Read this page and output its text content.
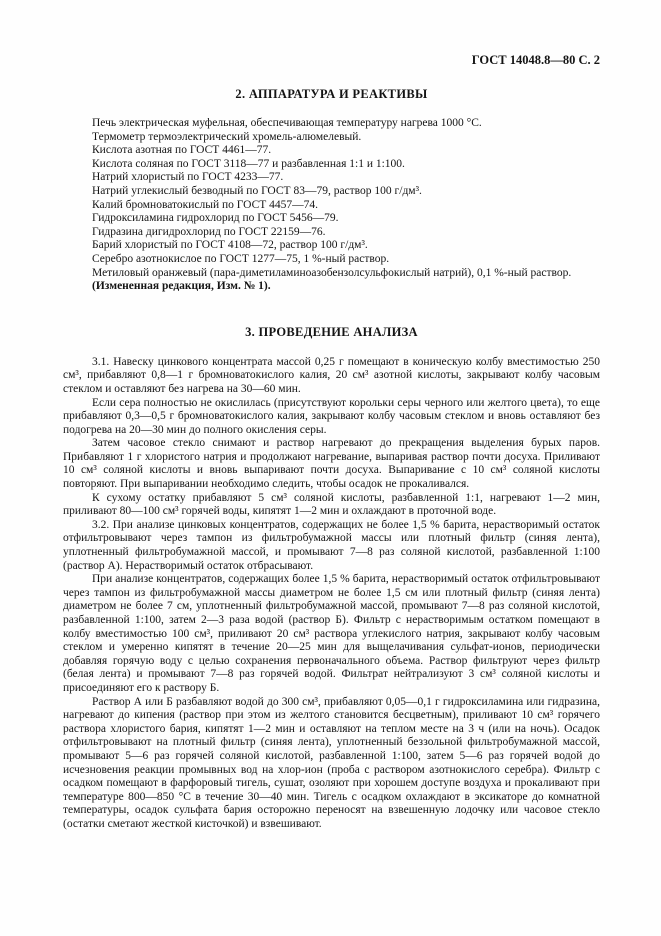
ГОСТ 14048.8—80 С. 2
2. АППАРАТУРА И РЕАКТИВЫ

Печь электрическая муфельная, обеспечивающая температуру нагрева 1000 °С.

Термометр термоэлектрический хромель-алюмелевый.

Кислота азотная по ГОСТ 4461—77.

Кислота соляная по ГОСТ 3118—77 и разбавленная 1:1 и 1:100.

Натрий хлористый по ГОСТ 4233—77.

Натрий углекислый безводный по ГОСТ 83—79, раствор 100 г/дм³.

Калий бромноватокислый по ГОСТ 4457—74.

Гидроксиламина гидрохлорид по ГОСТ 5456—79.

Гидразина дигидрохлорид по ГОСТ 22159—76.

Барий хлористый по ГОСТ 4108—72, раствор 100 г/дм³.

Серебро азотнокислое по ГОСТ 1277—75, 1 %-ный раствор.

Метиловый оранжевый (пара-диметиламиноазобензолсульфокислый натрий), 0,1 %-ный раствор.

(Измененная редакция, Изм. № 1).

3. ПРОВЕДЕНИЕ АНАЛИЗА

3.1. Навеску цинкового концентрата массой 0,25 г помещают в коническую колбу вместимостью 250 см³, прибавляют 0,8—1 г бромноватокислого калия, 20 см³ азотной кислоты, закрывают колбу часовым стеклом и оставляют без нагрева на 30—60 мин.

Если сера полностью не окислилась (присутствуют корольки серы черного или желтого цвета), то еще прибавляют 0,3—0,5 г бромноватокислого калия, закрывают колбу часовым стеклом и вновь оставляют без подогрева на 20—30 мин до полного окисления серы.

Затем часовое стекло снимают и раствор нагревают до прекращения выделения бурых паров. Прибавляют 1 г хлористого натрия и продолжают нагревание, выпаривая раствор почти досуха. Приливают 10 см³ соляной кислоты и вновь выпаривают почти досуха. Выпаривание с 10 см³ соляной кислоты повторяют. При выпаривании необходимо следить, чтобы осадок не прокаливался.

К сухому остатку прибавляют 5 см³ соляной кислоты, разбавленной 1:1, нагревают 1—2 мин, приливают 80—100 см³ горячей воды, кипятят 1—2 мин и охлаждают в проточной воде.

3.2. При анализе цинковых концентратов, содержащих не более 1,5 % барита, нерастворимый остаток отфильтровывают через тампон из фильтробумажной массы или плотный фильтр (синяя лента), уплотненный фильтробумажной массой, и промывают 7—8 раз соляной кислотой, разбавленной 1:100 (раствор А). Нерастворимый остаток отбрасывают.

При анализе концентратов, содержащих более 1,5 % барита, нерастворимый остаток отфильтровывают через тампон из фильтробумажной массы диаметром не более 1,5 см или плотный фильтр (синяя лента) диаметром не более 7 см, уплотненный фильтробумажной массой, промывают 7—8 раз соляной кислотой, разбавленной 1:100, затем 2—3 раза водой (раствор Б). Фильтр с нерастворимым остатком помещают в колбу вместимостью 100 см³, приливают 20 см³ раствора углекислого натрия, закрывают колбу часовым стеклом и умеренно кипятят в течение 20—25 мин для выщелачивания сульфат-ионов, периодически добавляя горячую воду с целью сохранения первоначального объема. Раствор фильтруют через фильтр (белая лента) и промывают 7—8 раз горячей водой. Фильтрат нейтрализуют 3 см³ соляной кислоты и присоединяют его к раствору Б.

Раствор А или Б разбавляют водой до 300 см³, прибавляют 0,05—0,1 г гидроксиламина или гидразина, нагревают до кипения (раствор при этом из желтого становится бесцветным), приливают 10 см³ горячего раствора хлористого бария, кипятят 1—2 мин и оставляют на теплом месте на 3 ч (или на ночь). Осадок отфильтровывают на плотный фильтр (синяя лента), уплотненный беззольной фильтробумажной массой, промывают 5—6 раз горячей соляной кислотой, разбавленной 1:100, затем 5—6 раз горячей водой до исчезновения реакции промывных вод на хлор-ион (проба с раствором азотнокислого серебра). Фильтр с осадком помещают в фарфоровый тигель, сушат, озоляют при хорошем доступе воздуха и прокаливают при температуре 800—850 °С в течение 30—40 мин. Тигель с осадком охлаждают в эксикаторе до комнатной температуры, осадок сульфата бария осторожно переносят на взвешенную лодочку или часовое стекло (остатки сметают жесткой кисточкой) и взвешивают.
